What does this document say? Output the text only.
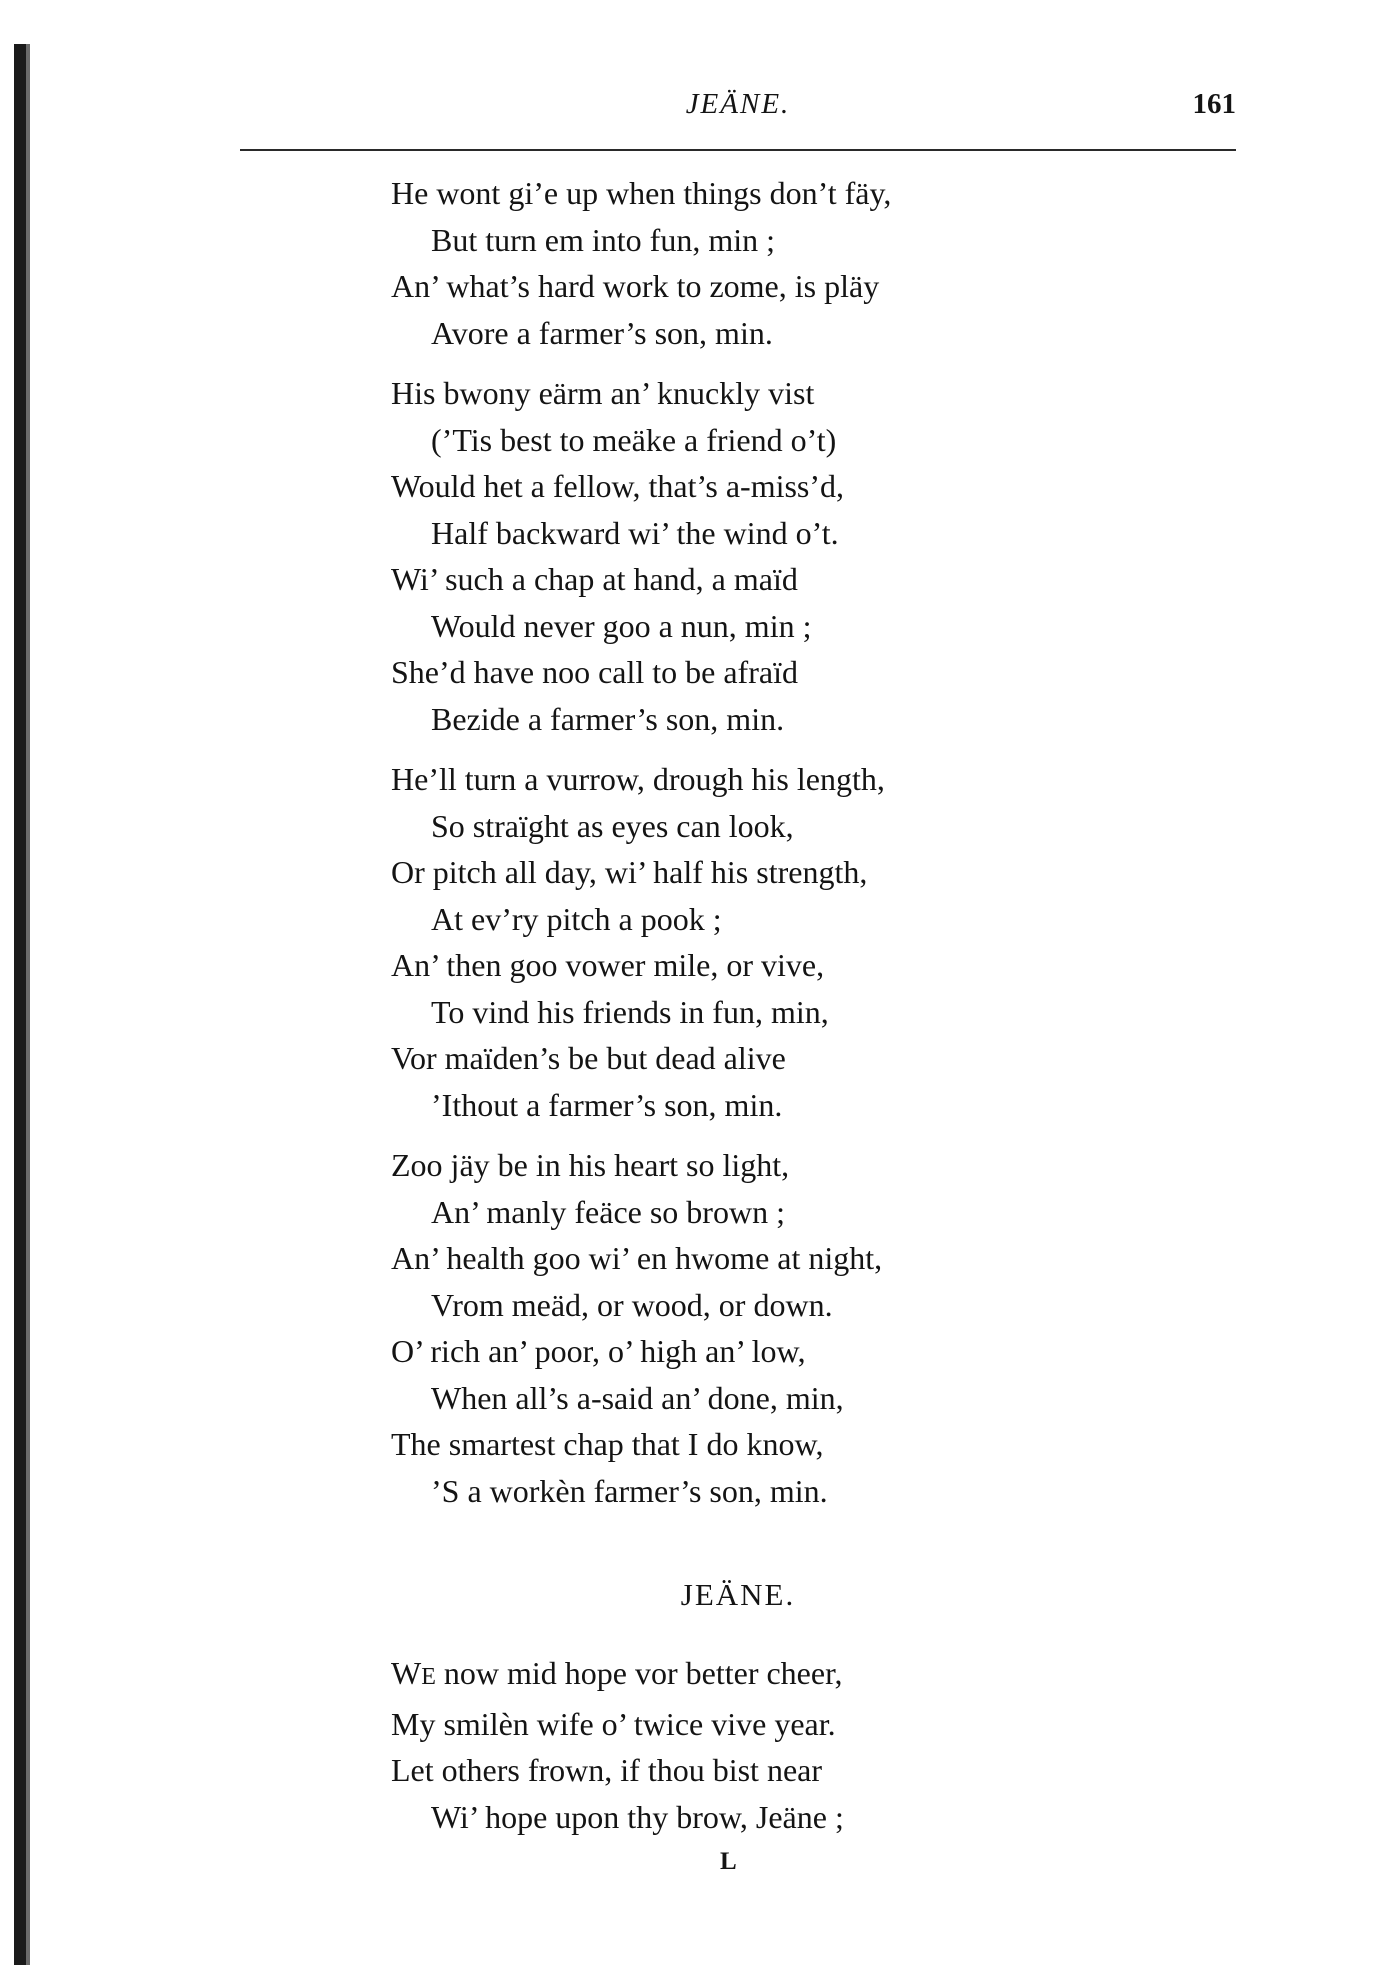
JEÄNE.	161
He wont gi’e up when things don’t fäy,
But turn em into fun, min ;
An’ what’s hard work to zome, is pläy
Avore a farmer’s son, min.
His bwony eärm an’ knuckly vist
(’Tis best to meäke a friend o’t)
Would het a fellow, that’s a-miss’d,
Half backward wi’ the wind o’t.
Wi’ such a chap at hand, a maïd
Would never goo a nun, min ;
She’d have noo call to be afraïd
Bezide a farmer’s son, min.
He’ll turn a vurrow, drough his length,
So straïght as eyes can look,
Or pitch all day, wi’ half his strength,
At ev’ry pitch a pook ;
An’ then goo vower mile, or vive,
To vind his friends in fun, min,
Vor maïden’s be but dead alive
’Ithout a farmer’s son, min.
Zoo jäy be in his heart so light,
An’ manly feäce so brown ;
An’ health goo wi’ en hwome at night,
Vrom meäd, or wood, or down.
O’ rich an’ poor, o’ high an’ low,
When all’s a-said an’ done, min,
The smartest chap that I do know,
’S a workèn farmer’s son, min.
JEÄNE.
WE now mid hope vor better cheer,
My smilèn wife o’ twice vive year.
Let others frown, if thou bist near
Wi’ hope upon thy brow, Jeäne ;
L
